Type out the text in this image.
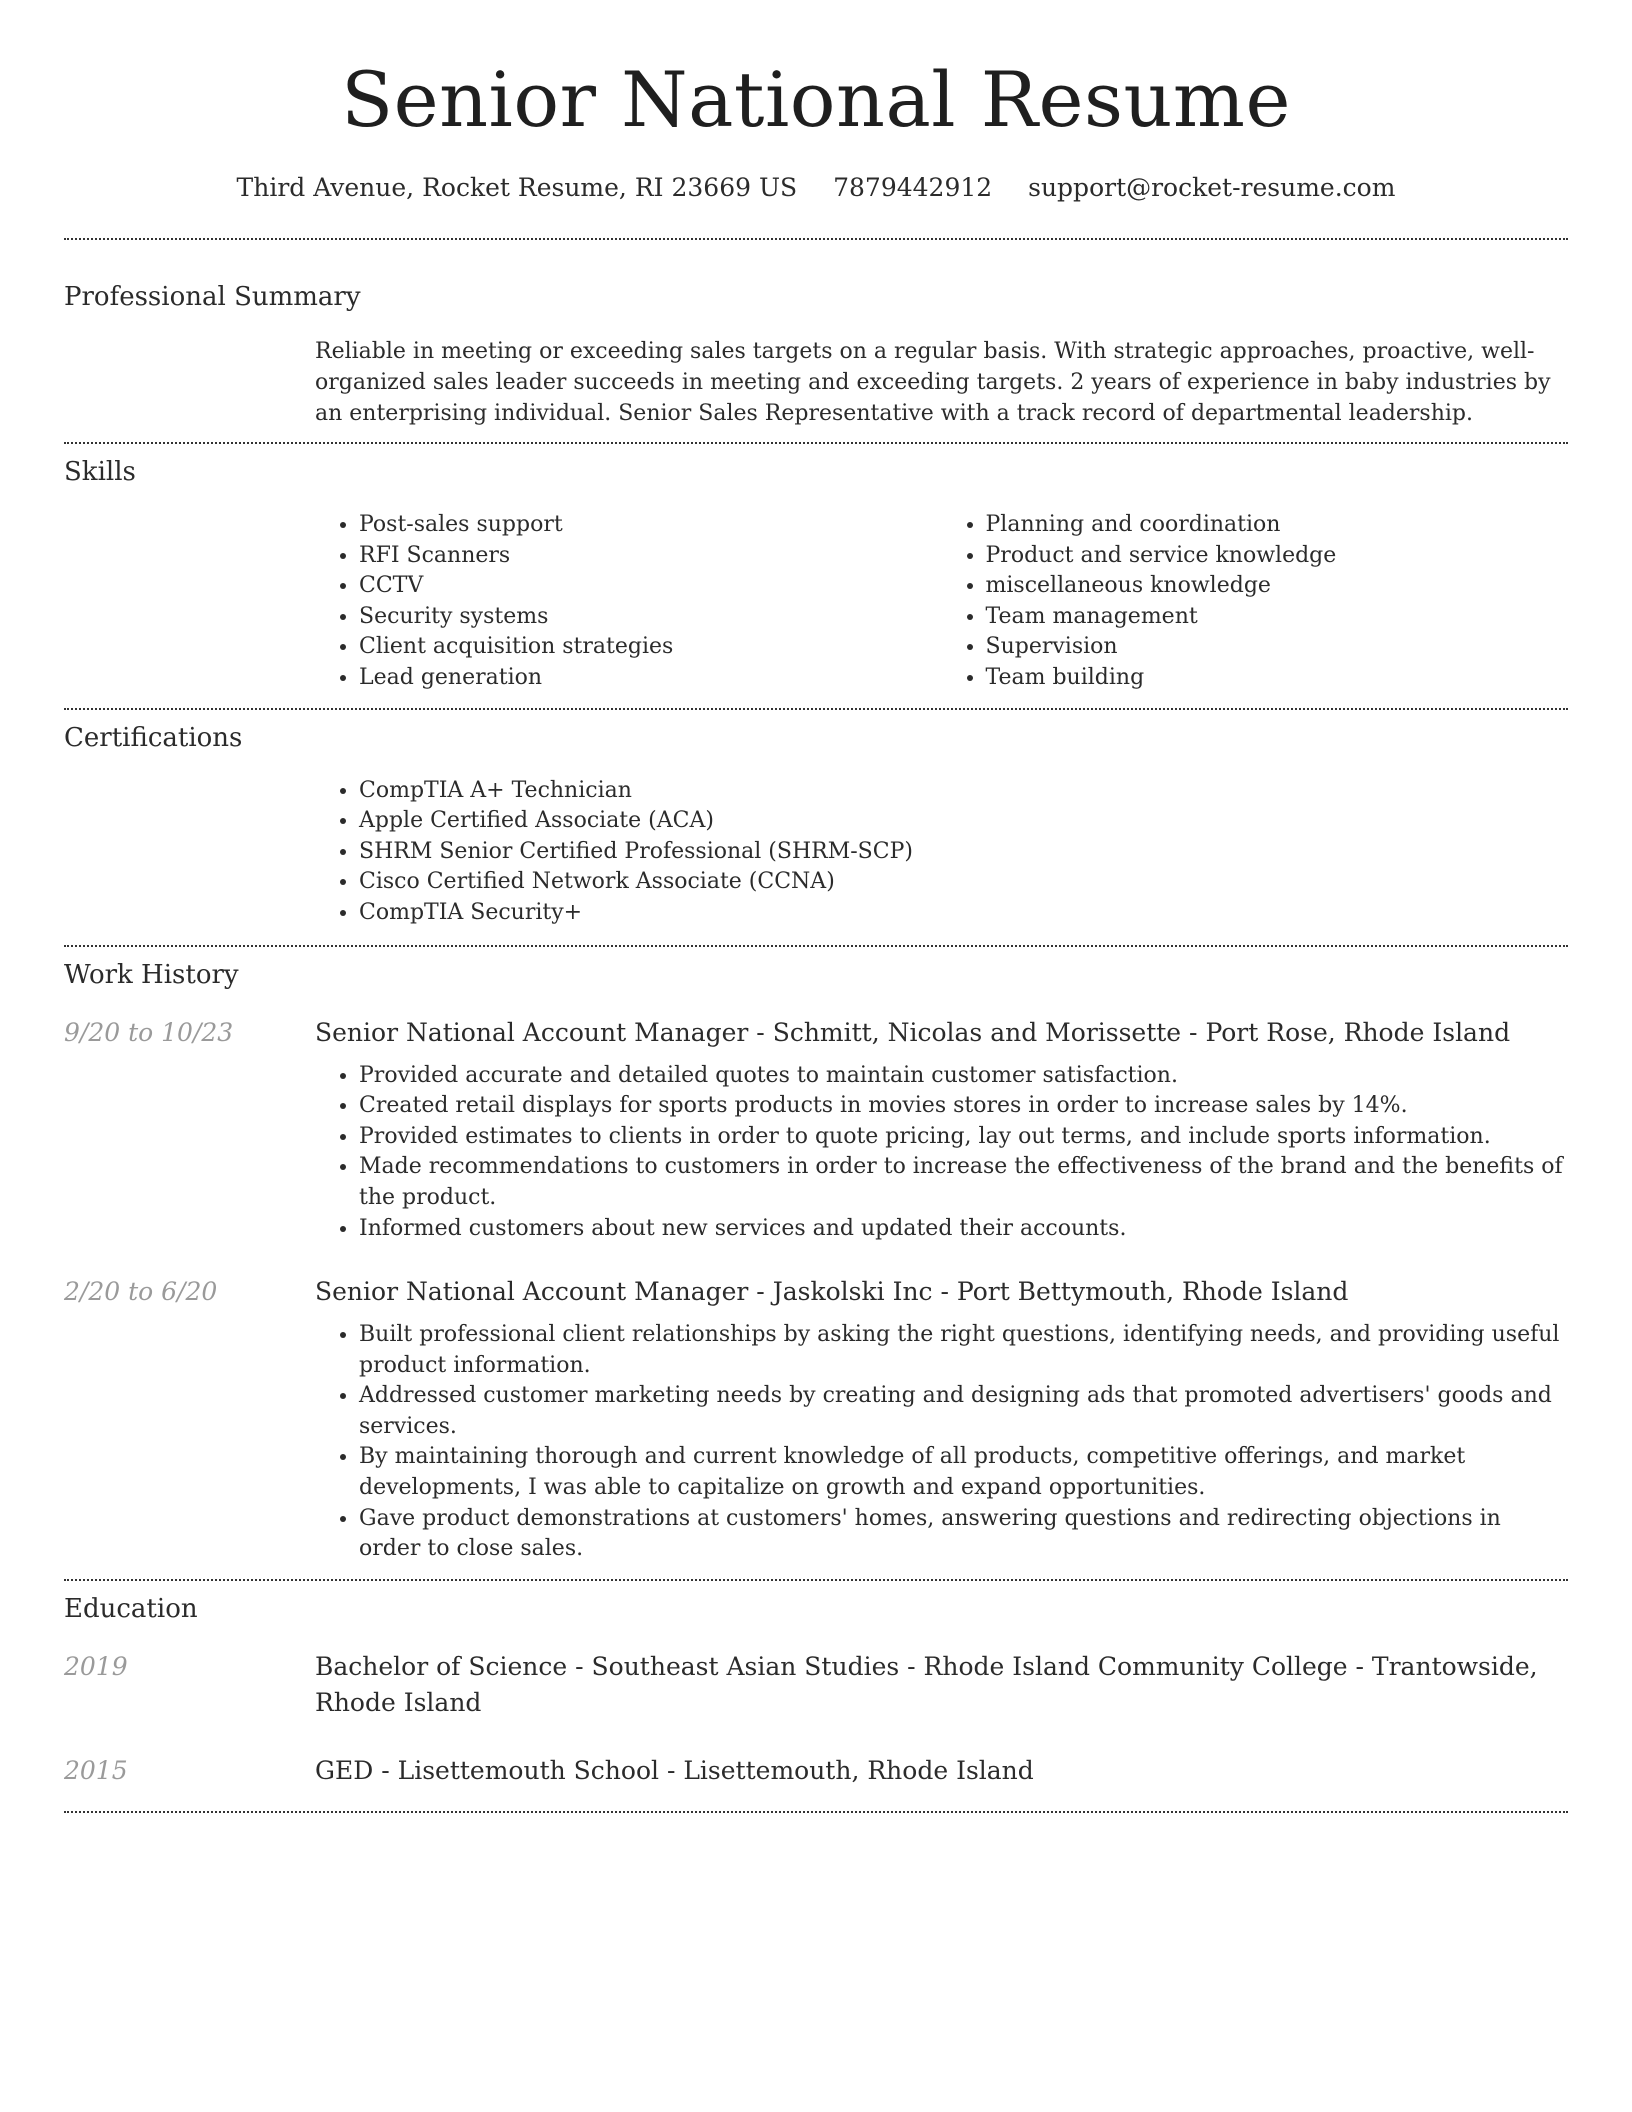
Senior National Resume
Third Avenue, Rocket Resume, RI 23669 US 7879442912 support@rocket-resume.com
Professional Summary
Reliable in meeting or exceeding sales targets on a regular basis. With strategic approaches, proactive, well-organized sales leader succeeds in meeting and exceeding targets. 2 years of experience in baby industries by an enterprising individual. Senior Sales Representative with a track record of departmental leadership.
Skills
• Post-sales support
• RFI Scanners
• CCTV
• Security systems
• Client acquisition strategies
• Lead generation
• Planning and coordination
• Product and service knowledge
• miscellaneous knowledge
• Team management
• Supervision
• Team building
Certifications
• CompTIA A+ Technician
• Apple Certified Associate (ACA)
• SHRM Senior Certified Professional (SHRM-SCP)
• Cisco Certified Network Associate (CCNA)
• CompTIA Security+
Work History
9/20 to 10/23	Senior National Account Manager - Schmitt, Nicolas and Morissette - Port Rose, Rhode Island
• Provided accurate and detailed quotes to maintain customer satisfaction.
• Created retail displays for sports products in movies stores in order to increase sales by 14%.
• Provided estimates to clients in order to quote pricing, lay out terms, and include sports information.
• Made recommendations to customers in order to increase the effectiveness of the brand and the benefits of the product.
• Informed customers about new services and updated their accounts.
2/20 to 6/20	Senior National Account Manager - Jaskolski Inc - Port Bettymouth, Rhode Island
• Built professional client relationships by asking the right questions, identifying needs, and providing useful product information.
• Addressed customer marketing needs by creating and designing ads that promoted advertisers' goods and services.
• By maintaining thorough and current knowledge of all products, competitive offerings, and market developments, I was able to capitalize on growth and expand opportunities.
• Gave product demonstrations at customers' homes, answering questions and redirecting objections in order to close sales.
Education
2019	Bachelor of Science - Southeast Asian Studies - Rhode Island Community College - Trantowside, Rhode Island
2015	GED - Lisettemouth School - Lisettemouth, Rhode Island
